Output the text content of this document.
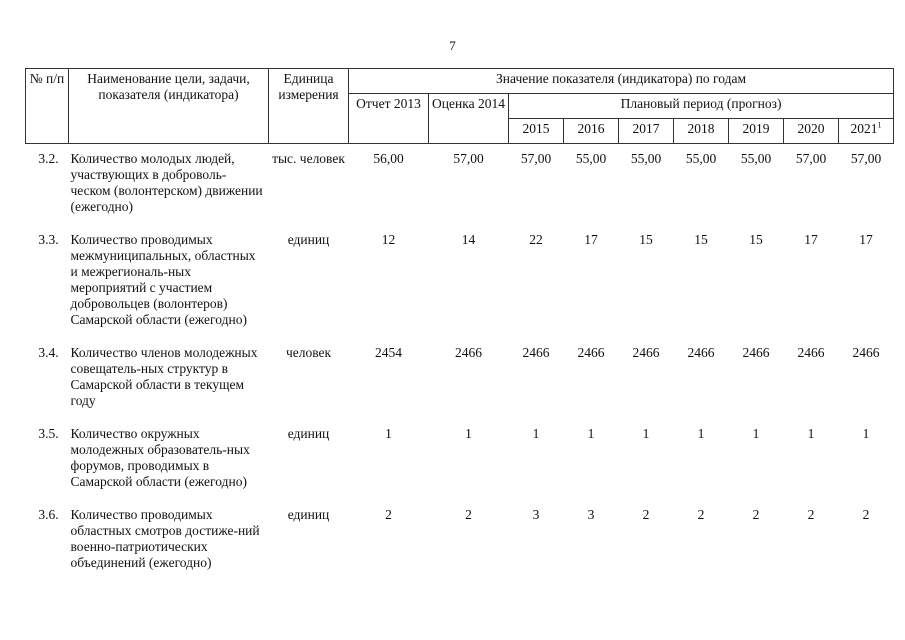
7
№ п/п	Наименование цели, задачи, показателя (индикатора)	Единица измерения	Значение показателя (индикатора) по годам								
			Отчет 2013	Оценка 2014	Плановый период (прогноз)						
					2015	2016	2017	2018	2019	2020	2021$^1$

3.2.	Количество молодых людей, участвующих в доброволь-ческом (волонтерском) движении (ежегодно)	тыс. человек	56,00	57,00	57,00	55,00	55,00	55,00	55,00	57,00	57,00
3.3.	Количество проводимых межмуниципальных, областных и межрегиональ-ных мероприятий с участием добровольцев (волонтеров) Самарской области (ежегодно)	единиц	12	14	22	17	15	15	15	17	17
3.4.	Количество членов молодежных совещатель-ных структур в Самарской области в текущем году	человек	2454	2466	2466	2466	2466	2466	2466	2466	2466
3.5.	Количество окружных молодежных образователь-ных форумов, проводимых в Самарской области (ежегодно)	единиц	1	1	1	1	1	1	1	1	1
3.6.	Количество проводимых областных смотров достиже-ний военно-патриотических объединений (ежегодно)	единиц	2	2	3	3	2	2	2	2	2
